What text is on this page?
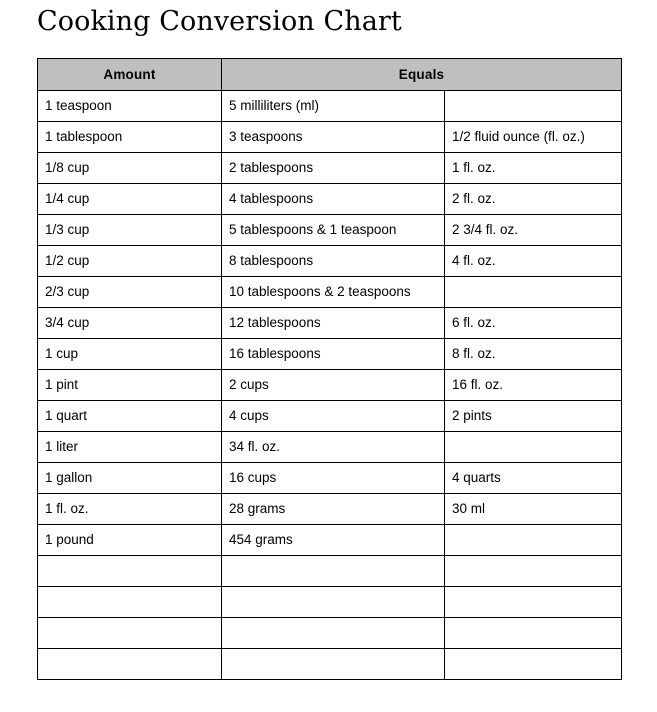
Cooking Conversion Chart
Amount	Equals	
1 teaspoon	5 milliliters (ml)	
1 tablespoon	3 teaspoons	1/2 fluid ounce (fl. oz.)
1/8 cup	2 tablespoons	1 fl. oz.
1/4 cup	4 tablespoons	2 fl. oz.
1/3 cup	5 tablespoons & 1 teaspoon	2 3/4 fl. oz.
1/2 cup	8 tablespoons	4 fl. oz.
2/3 cup	10 tablespoons & 2 teaspoons	
3/4 cup	12 tablespoons	6 fl. oz.
1 cup	16 tablespoons	8 fl. oz.
1 pint	2 cups	16 fl. oz.
1 quart	4 cups	2 pints
1 liter	34 fl. oz.	
1 gallon	16 cups	4 quarts
1 fl. oz.	28 grams	30 ml
1 pound	454 grams	
